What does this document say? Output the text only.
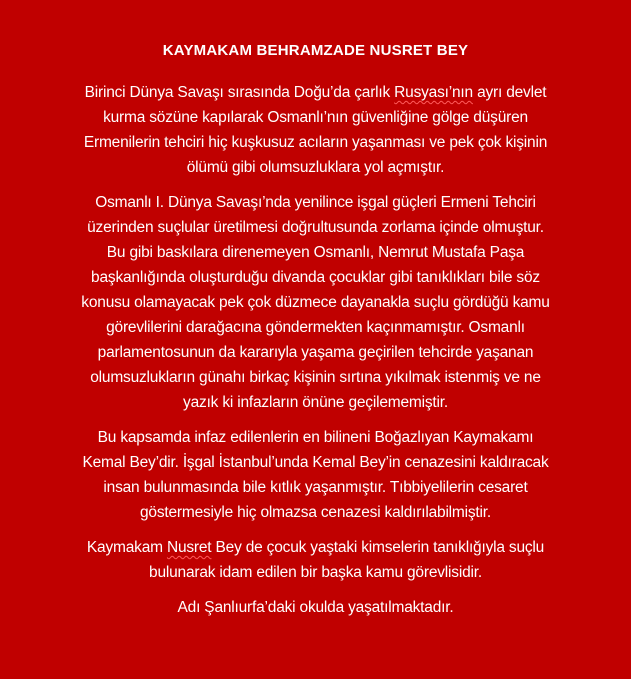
KAYMAKAM BEHRAMZADE NUSRET BEY
Birinci Dünya Savaşı sırasında Doğu’da çarlık Rusyası’nın ayrı devlet
kurma sözüne kapılarak Osmanlı’nın güvenliğine gölge düşüren
Ermenilerin tehciri hiç kuşkusuz acıların yaşanması ve pek çok kişinin
ölümü gibi olumsuzluklara yol açmıştır.
Osmanlı I. Dünya Savaşı’nda yenilince işgal güçleri Ermeni Tehciri
üzerinden suçlular üretilmesi doğrultusunda zorlama içinde olmuştur.
Bu gibi baskılara direnemeyen Osmanlı, Nemrut Mustafa Paşa
başkanlığında oluşturduğu divanda çocuklar gibi tanıklıkları bile söz
konusu olamayacak pek çok düzmece dayanakla suçlu gördüğü kamu
görevlilerini darağacına göndermekten kaçınmamıştır. Osmanlı
parlamentosunun da kararıyla yaşama geçirilen tehcirde yaşanan
olumsuzlukların günahı birkaç kişinin sırtına yıkılmak istenmiş ve ne
yazık ki infazların önüne geçilememiştir.
Bu kapsamda infaz edilenlerin en bilineni Boğazlıyan Kaymakamı
Kemal Bey’dir. İşgal İstanbul’unda Kemal Bey’in cenazesini kaldıracak
insan bulunmasında bile kıtlık yaşanmıştır. Tıbbiyelilerin cesaret
göstermesiyle hiç olmazsa cenazesi kaldırılabilmiştir.
Kaymakam Nusret Bey de çocuk yaştaki kimselerin tanıklığıyla suçlu
bulunarak idam edilen bir başka kamu görevlisidir.
Adı Şanlıurfa’daki okulda yaşatılmaktadır.
